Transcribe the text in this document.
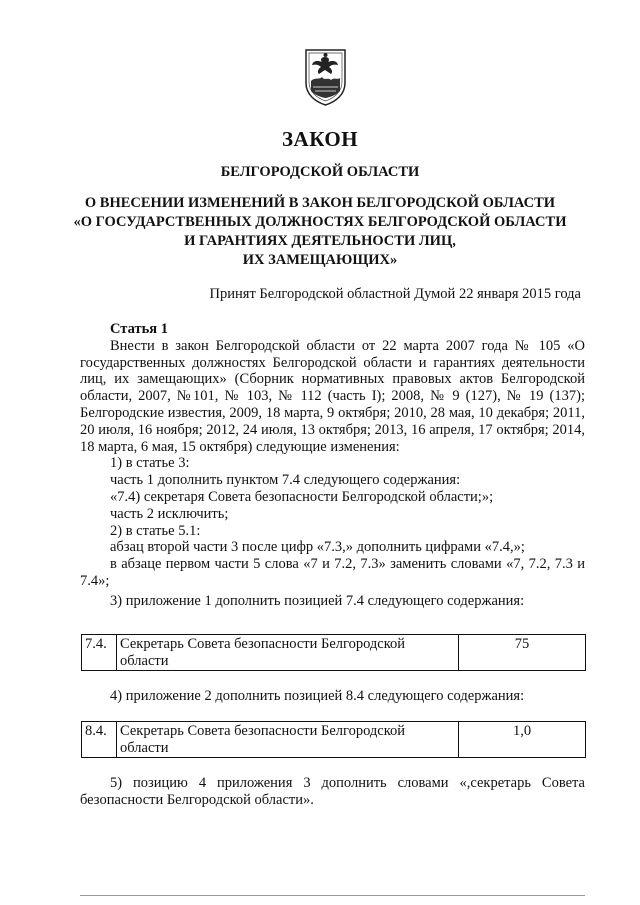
ЗАКОН
БЕЛГОРОДСКОЙ ОБЛАСТИ
О ВНЕСЕНИИ ИЗМЕНЕНИЙ В ЗАКОН БЕЛГОРОДСКОЙ ОБЛАСТИ
«О ГОСУДАРСТВЕННЫХ ДОЛЖНОСТЯХ БЕЛГОРОДСКОЙ ОБЛАСТИ
И ГАРАНТИЯХ ДЕЯТЕЛЬНОСТИ ЛИЦ,
ИХ ЗАМЕЩАЮЩИХ»
Принят Белгородской областной Думой 22 января 2015 года
Статья 1
Внести в закон Белгородской области от 22 марта 2007 года № 105 «О государственных должностях Белгородской области и гарантиях деятельности лиц, их замещающих» (Сборник нормативных правовых актов Белгородской области, 2007, №101, № 103, № 112 (часть I); 2008, № 9 (127), № 19 (137); Белгородские известия, 2009, 18 марта, 9 октября; 2010, 28 мая, 10 декабря; 2011, 20 июля, 16 ноября; 2012, 24 июля, 13 октября; 2013, 16 апреля, 17 октября; 2014, 18 марта, 6 мая, 15 октября) следующие изменения:
1) в статье 3:
часть 1 дополнить пунктом 7.4 следующего содержания:
«7.4) секретаря Совета безопасности Белгородской области;»;
часть 2 исключить;
2) в статье 5.1:
абзац второй части 3 после цифр «7.3,» дополнить цифрами «7.4,»;
в абзаце первом части 5 слова «7 и 7.2, 7.3» заменить словами «7, 7.2, 7.3 и 7.4»;
3) приложение 1 дополнить позицией 7.4 следующего содержания:
7.4.	Секретарь Совета безопасности Белгородской области	75
4) приложение 2 дополнить позицией 8.4 следующего содержания:
8.4.	Секретарь Совета безопасности Белгородской области	1,0
5) позицию 4 приложения 3 дополнить словами «,секретарь Совета безопасности Белгородской области».
